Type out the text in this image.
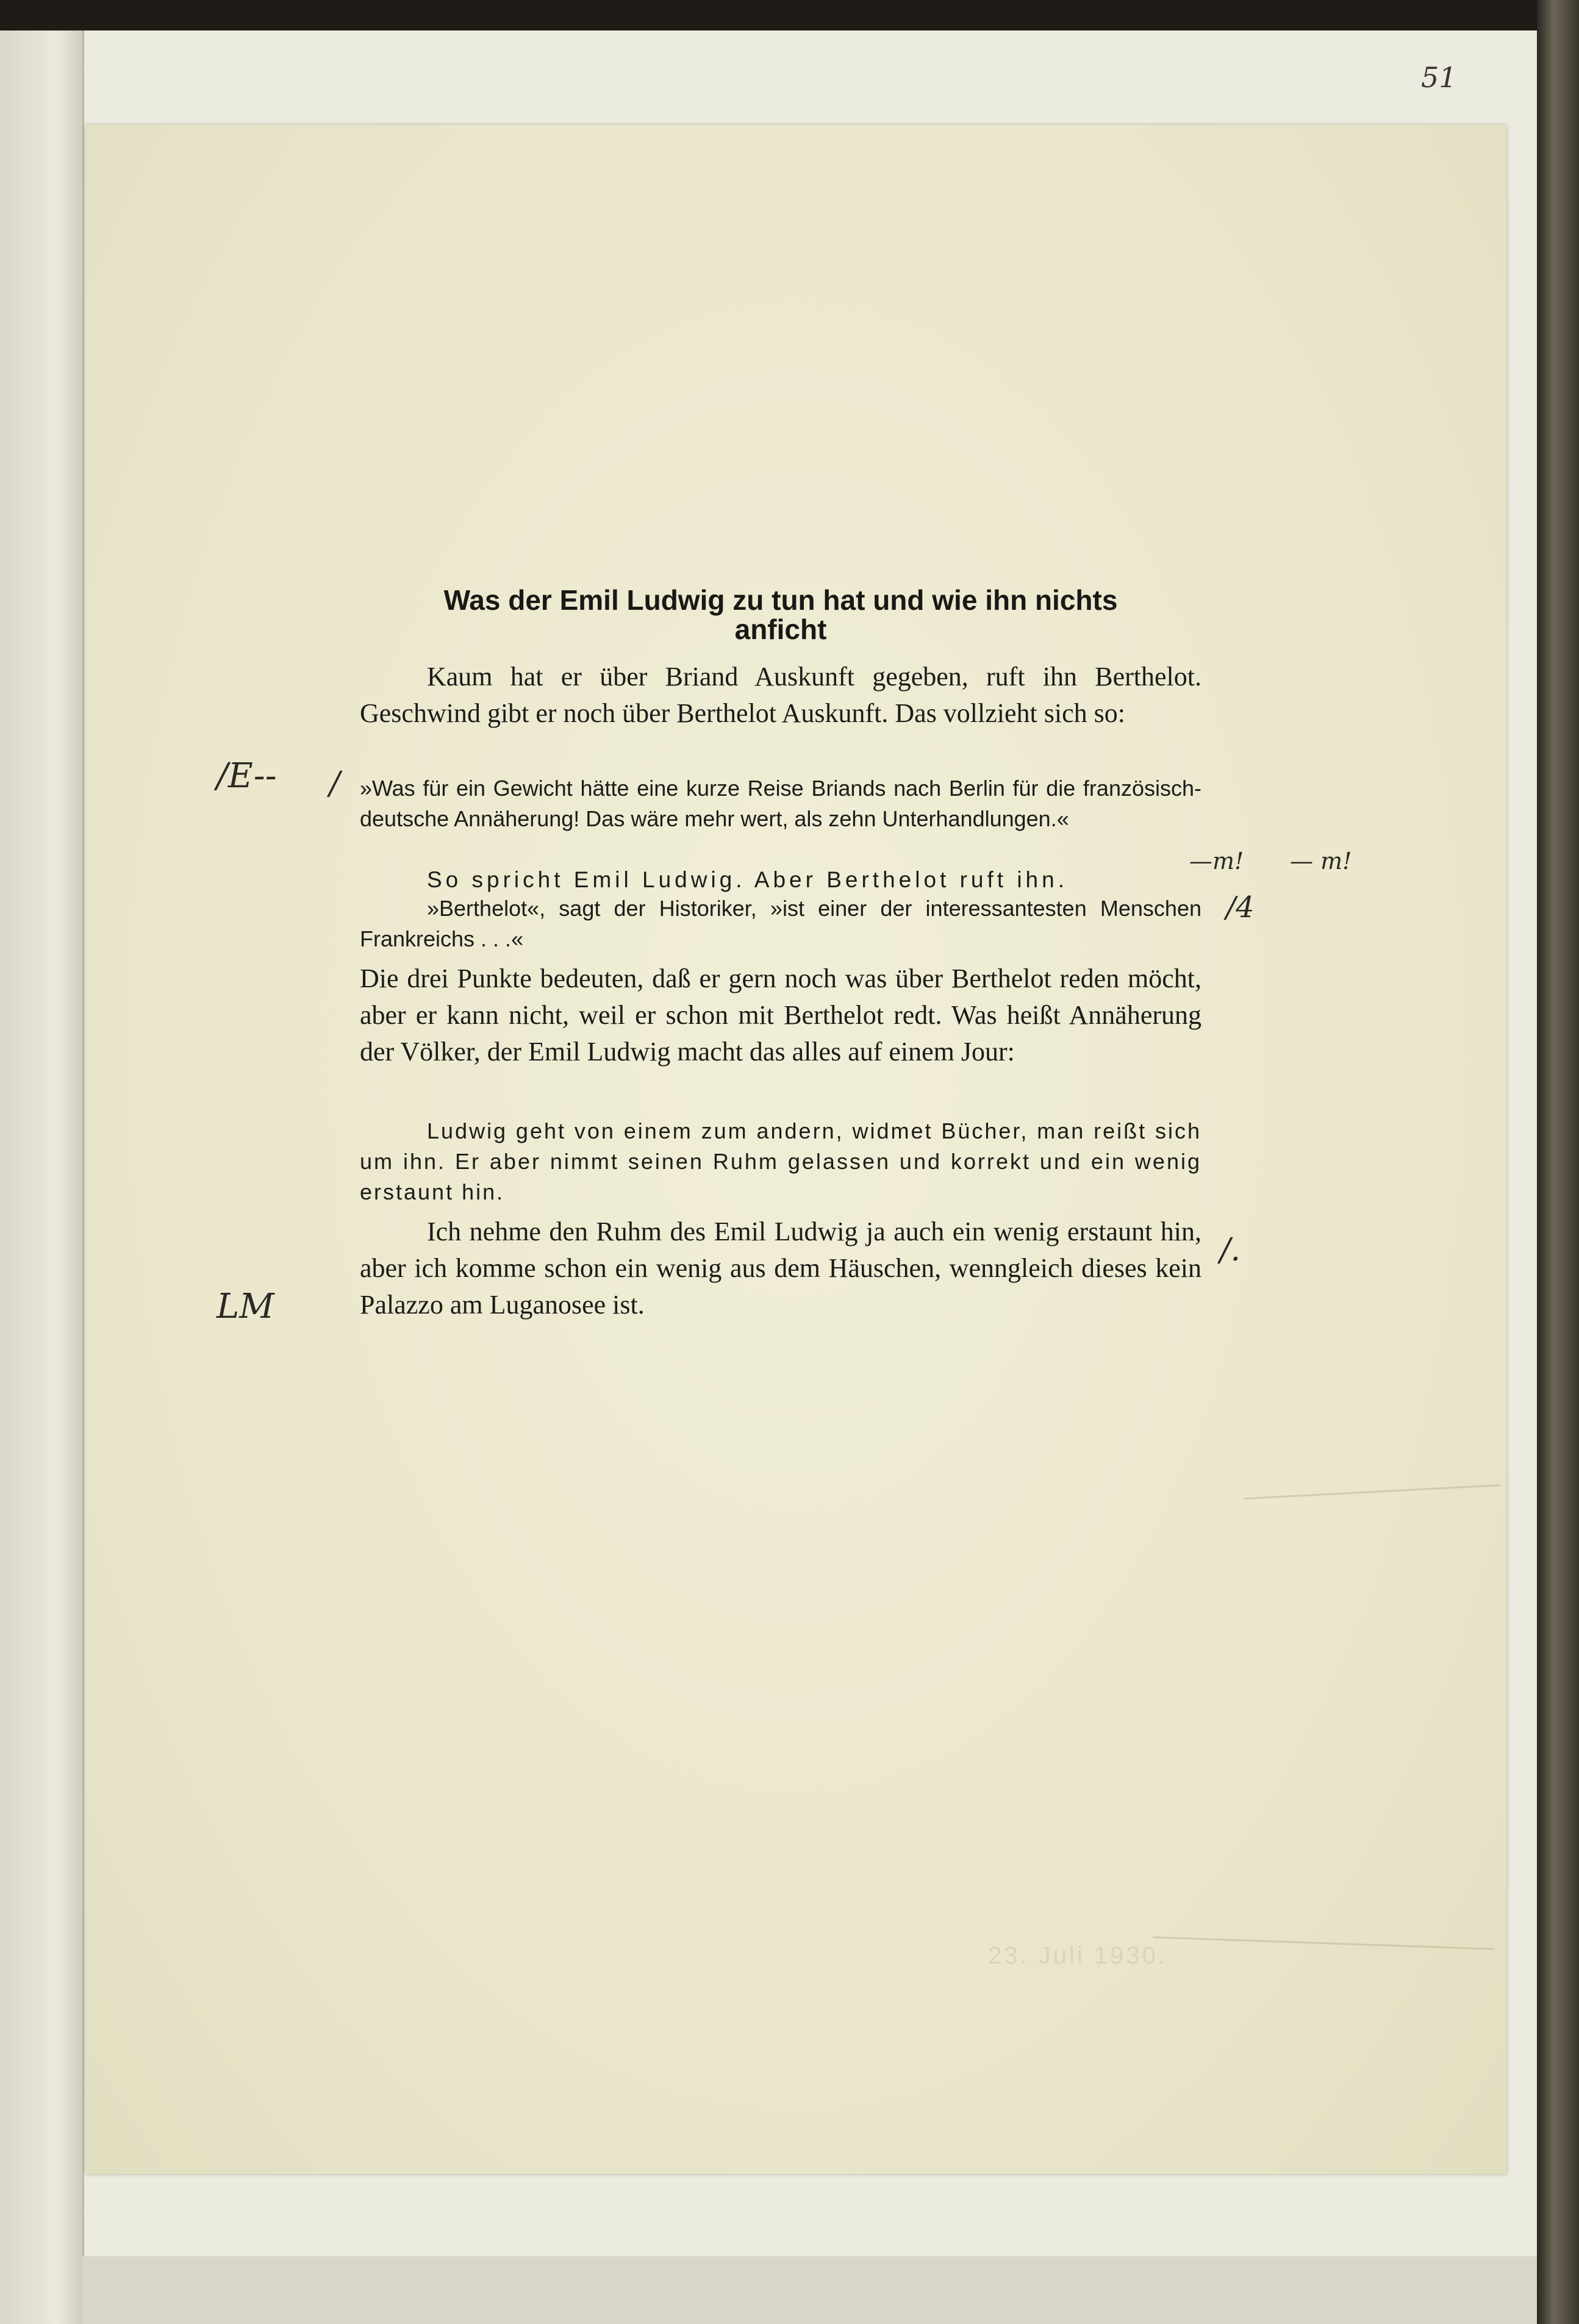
51
Was der Emil Ludwig zu tun hat und wie ihn nichts
anficht
Kaum hat er über Briand Auskunft gegeben, ruft ihn Berthelot. Geschwind gibt er noch über Berthelot Auskunft. Das vollzieht sich so:
»Was für ein Gewicht hätte eine kurze Reise Briands nach Berlin für die französisch-deutsche Annäherung! Das wäre mehr wert, als zehn Unterhandlungen.«
So spricht Emil Ludwig. Aber Berthelot ruft ihn.
»Berthelot«, sagt der Historiker, »ist einer der interessantesten Menschen Frankreichs . . .«
Die drei Punkte bedeuten, daß er gern noch was über Berthelot reden möcht, aber er kann nicht, weil er schon mit Berthelot redt. Was heißt Annäherung der Völker, der Emil Ludwig macht das alles auf einem Jour:
Ludwig geht von einem zum andern, widmet Bücher, man reißt sich um ihn. Er aber nimmt seinen Ruhm gelassen und korrekt und ein wenig erstaunt hin.
Ich nehme den Ruhm des Emil Ludwig ja auch ein wenig erstaunt hin, aber ich komme schon ein wenig aus dem Häuschen, wenngleich dieses kein Palazzo am Luganosee ist.
/E-- /
—m! — m!
/4
LM
/.
23. Juli 1930.
